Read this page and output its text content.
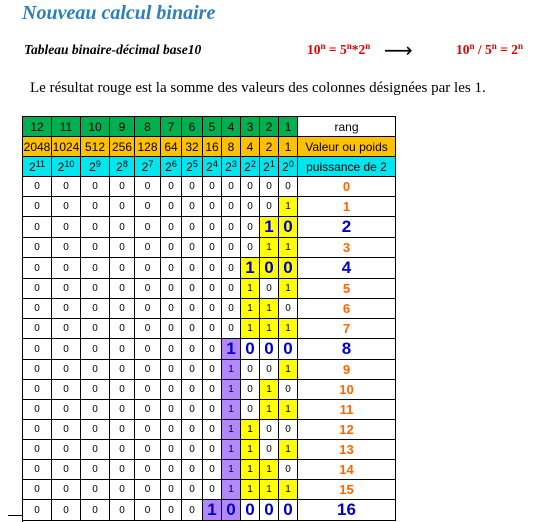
Nouveau calcul binaire
Tableau binaire-décimal base10	$10^n = 5^n*2^n$ ⟶	$10^n / 5^n = 2^n$
Le résultat rouge est la somme des valeurs des colonnes désignées par les 1.
12	11	10	9	8	7	6	5	4	3	2	1	rang
2048	1024	512	256	128	64	32	16	8	4	2	1	Valeur ou poids
$2^{11}$	$2^{10}$	$2^9$	$2^8$	$2^7$	$2^6$	$2^5$	$2^4$	$2^3$	$2^2$	$2^1$	$2^0$	puissance de 2
0	0	0	0	0	0	0	0	0	0	0	0	0
0	0	0	0	0	0	0	0	0	0	0	1	1
0	0	0	0	0	0	0	0	0	0	1	0	2
0	0	0	0	0	0	0	0	0	0	1	1	3
0	0	0	0	0	0	0	0	0	1	0	0	4
0	0	0	0	0	0	0	0	0	1	0	1	5
0	0	0	0	0	0	0	0	0	1	1	0	6
0	0	0	0	0	0	0	0	0	1	1	1	7
0	0	0	0	0	0	0	0	1	0	0	0	8
0	0	0	0	0	0	0	0	1	0	0	1	9
0	0	0	0	0	0	0	0	1	0	1	0	10
0	0	0	0	0	0	0	0	1	0	1	1	11
0	0	0	0	0	0	0	0	1	1	0	0	12
0	0	0	0	0	0	0	0	1	1	0	1	13
0	0	0	0	0	0	0	0	1	1	1	0	14
0	0	0	0	0	0	0	0	1	1	1	1	15
0	0	0	0	0	0	0	1	0	0	0	0	16
